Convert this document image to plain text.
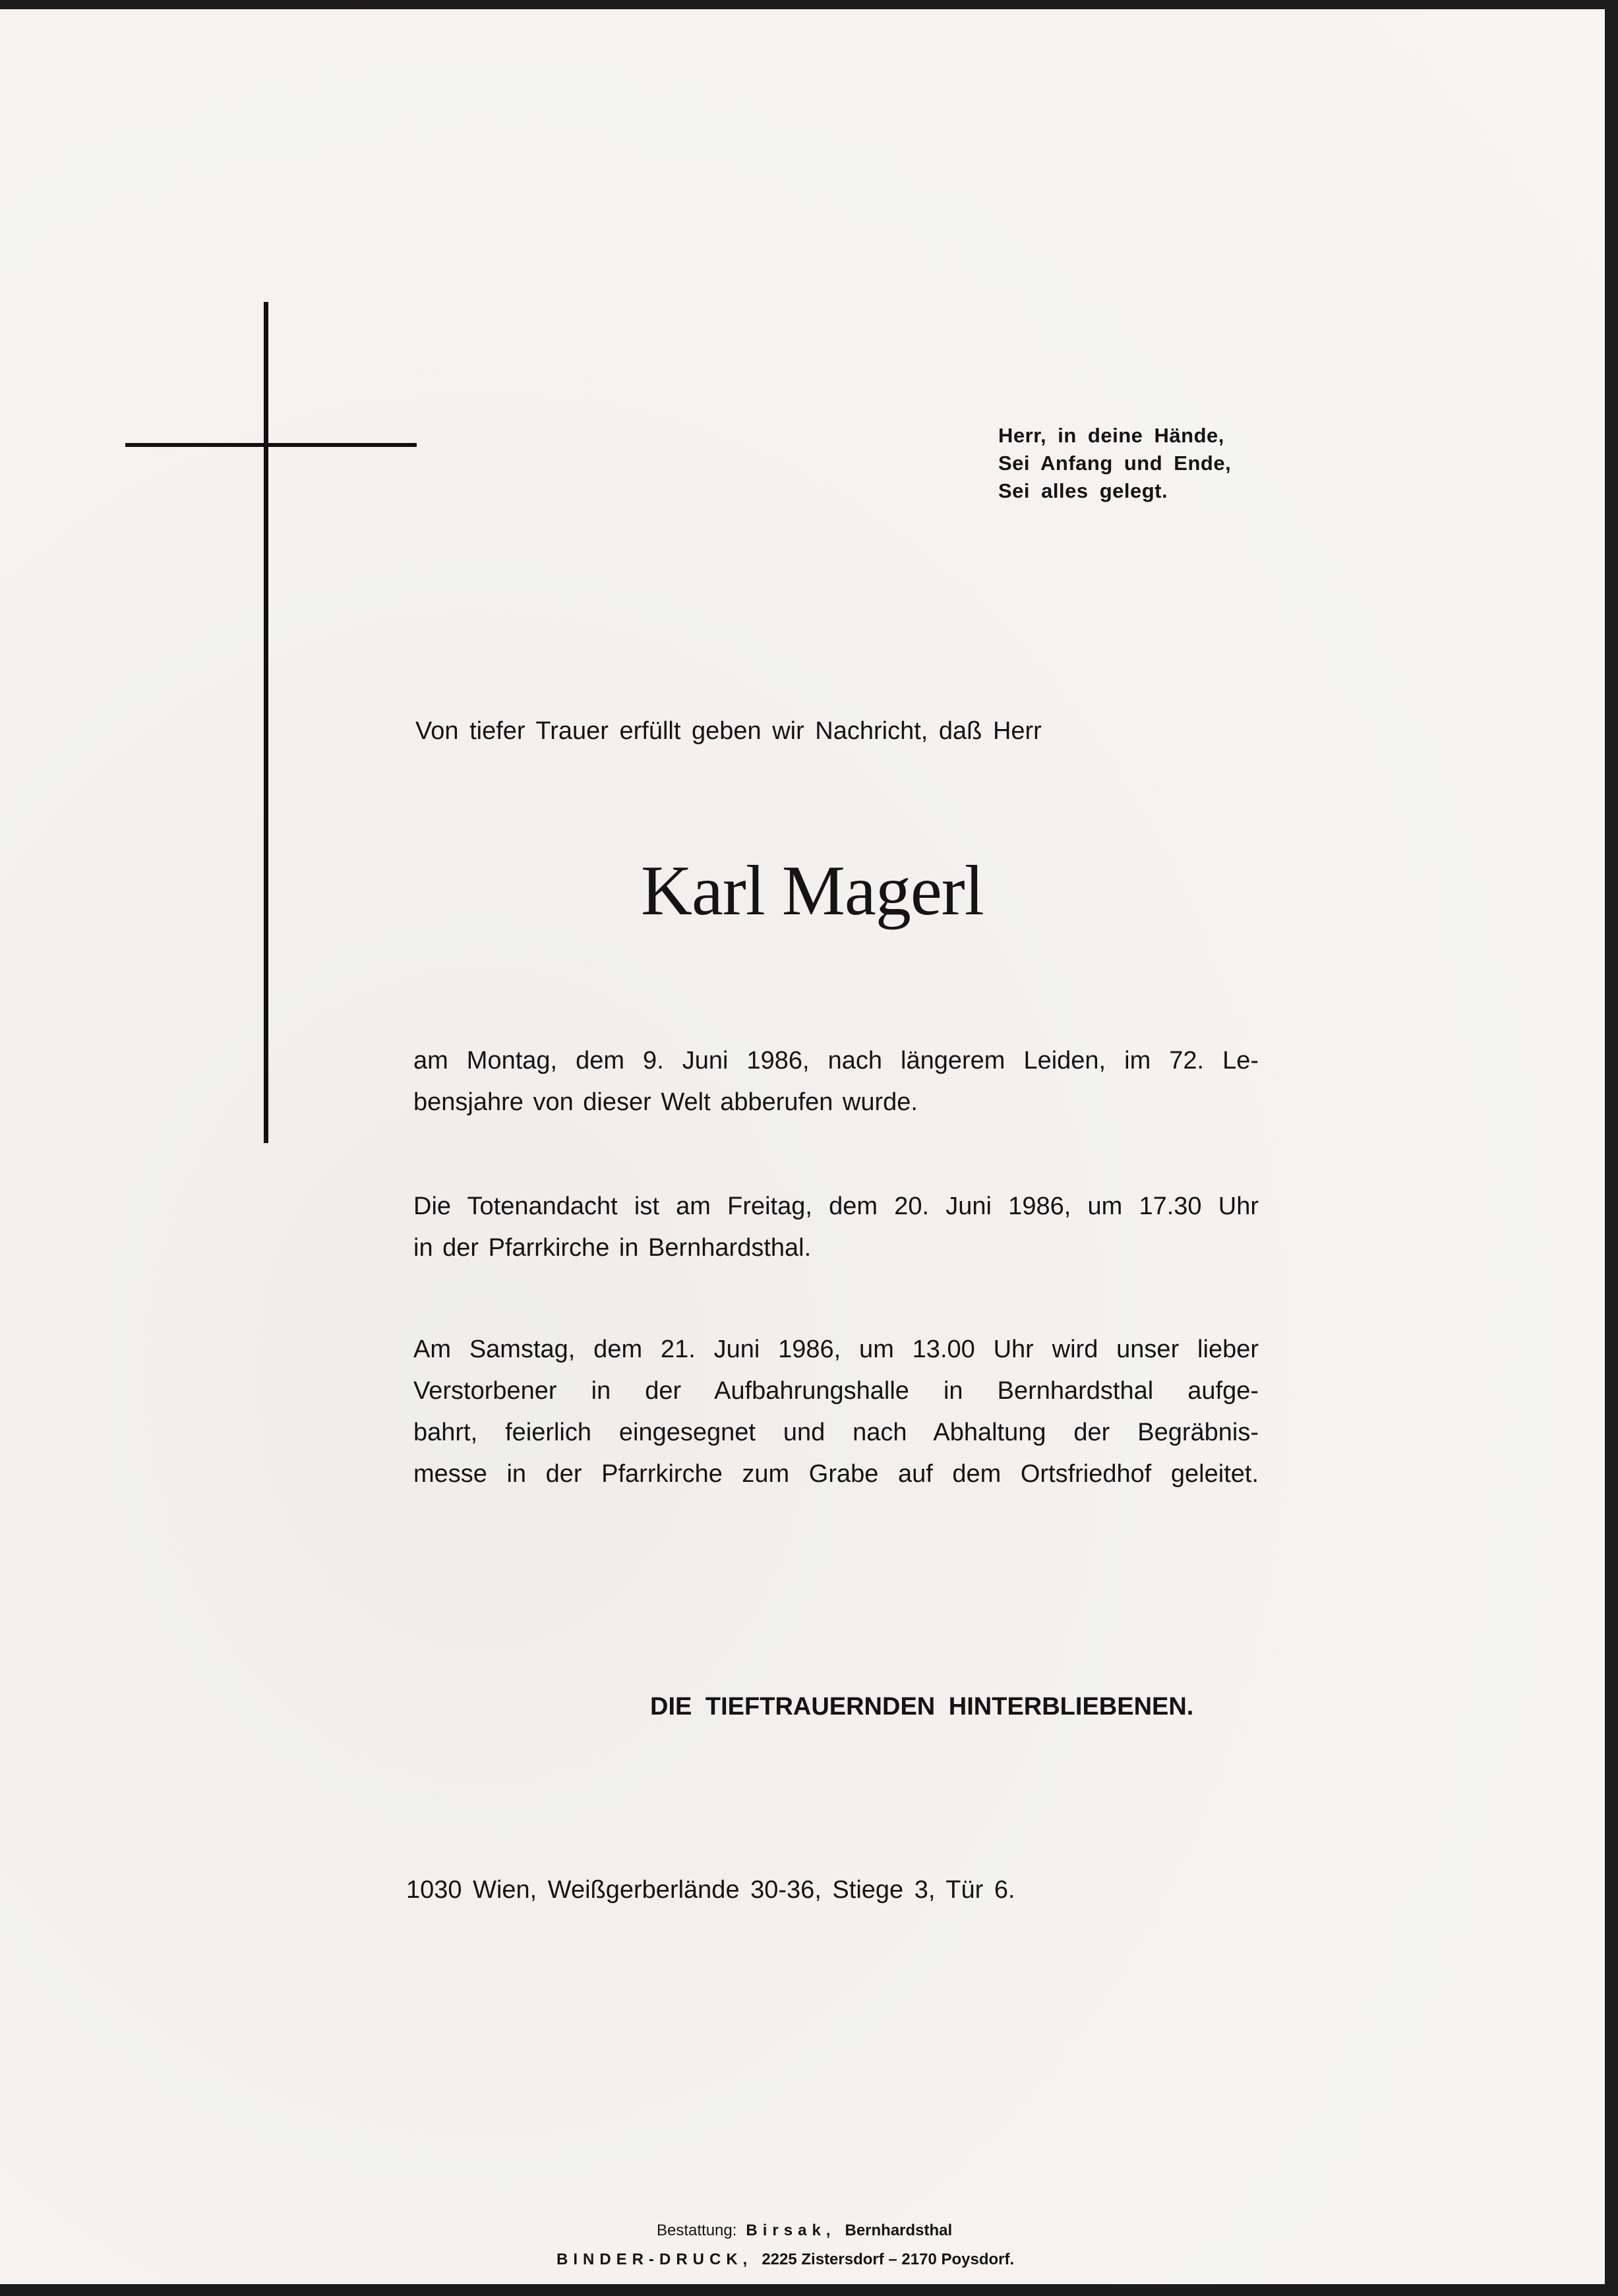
Herr, in deine Hände,
Sei Anfang und Ende,
Sei alles gelegt.
Von tiefer Trauer erfüllt geben wir Nachricht, daß Herr
Karl Magerl
am Montag, dem 9. Juni 1986, nach längerem Leiden, im 72. Le-
bensjahre von dieser Welt abberufen wurde.
Die Totenandacht ist am Freitag, dem 20. Juni 1986, um 17.30 Uhr
in der Pfarrkirche in Bernhardsthal.
Am Samstag, dem 21. Juni 1986, um 13.00 Uhr wird unser lieber
Verstorbener in der Aufbahrungshalle in Bernhardsthal aufge-
bahrt, feierlich eingesegnet und nach Abhaltung der Begräbnis-
messe in der Pfarrkirche zum Grabe auf dem Ortsfriedhof geleitet.
DIE TIEFTRAUERNDEN HINTERBLIEBENEN.
1030 Wien, Weißgerberlände 30-36, Stiege 3, Tür 6.
Bestattung: Birsak, Bernhardsthal
BINDER-DRUCK, 2225 Zistersdorf – 2170 Poysdorf.
